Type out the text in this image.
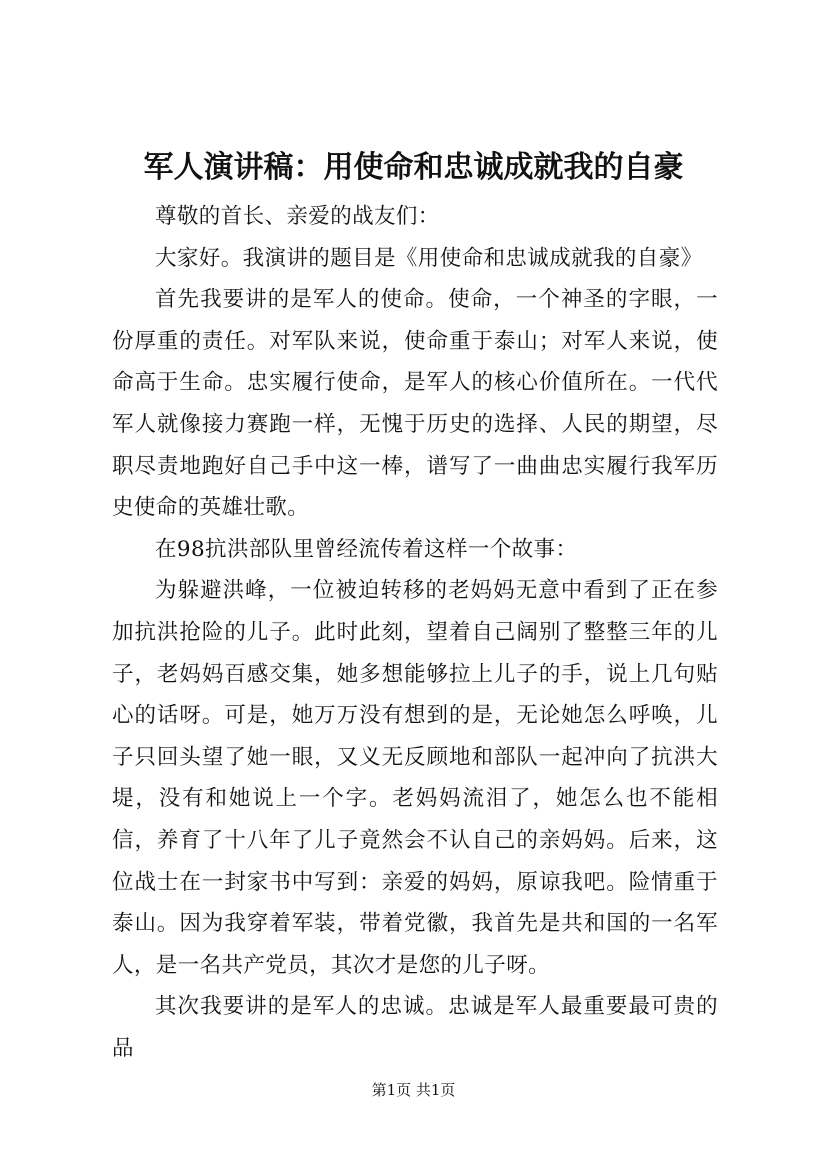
军人演讲稿：用使命和忠诚成就我的自豪

尊敬的首长、亲爱的战友们：

大家好。我演讲的题目是《用使命和忠诚成就我的自豪》

首先我要讲的是军人的使命。使命，一个神圣的字眼，一份厚重的责任。对军队来说，使命重于泰山；对军人来说，使命高于生命。忠实履行使命，是军人的核心价值所在。一代代军人就像接力赛跑一样，无愧于历史的选择、人民的期望，尽职尽责地跑好自己手中这一棒，谱写了一曲曲忠实履行我军历史使命的英雄壮歌。

在98抗洪部队里曾经流传着这样一个故事：

为躲避洪峰，一位被迫转移的老妈妈无意中看到了正在参加抗洪抢险的儿子。此时此刻，望着自己阔别了整整三年的儿子，老妈妈百感交集，她多想能够拉上儿子的手，说上几句贴心的话呀。可是，她万万没有想到的是，无论她怎么呼唤，儿子只回头望了她一眼，又义无反顾地和部队一起冲向了抗洪大堤，没有和她说上一个字。老妈妈流泪了，她怎么也不能相信，养育了十八年了儿子竟然会不认自己的亲妈妈。后来，这位战士在一封家书中写到：亲爱的妈妈，原谅我吧。险情重于泰山。因为我穿着军装，带着党徽，我首先是共和国的一名军人，是一名共产党员，其次才是您的儿子呀。

其次我要讲的是军人的忠诚。忠诚是军人最重要最可贵的品

第1页 共1页
